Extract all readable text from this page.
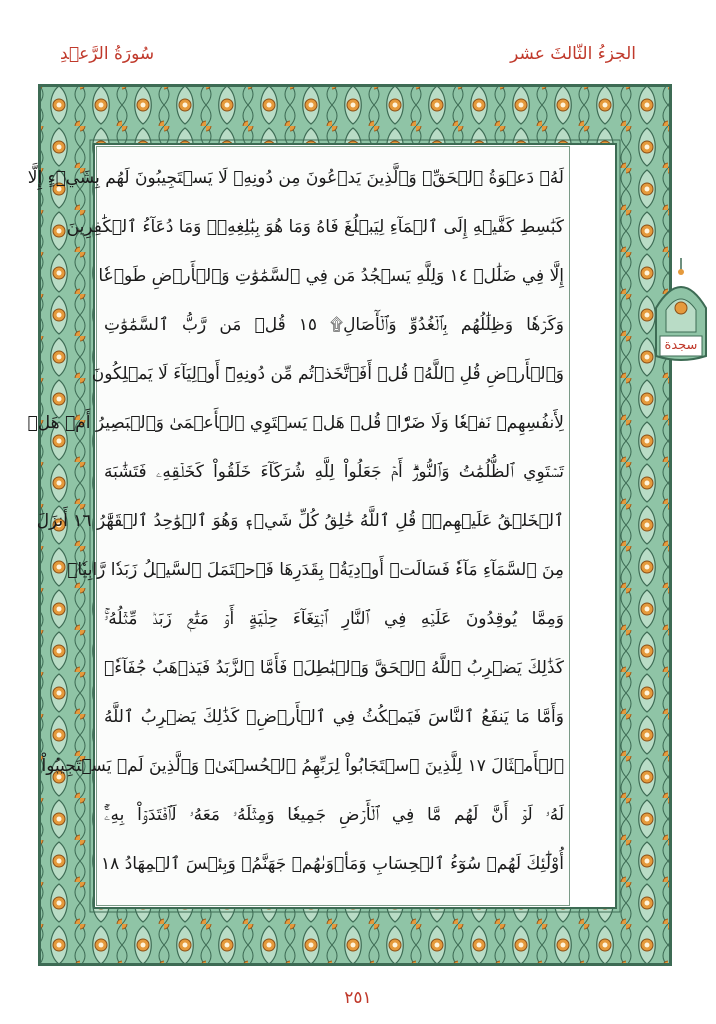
الجزءُ الثّالثَ عشر
سُورَةُ الرَّعۡدِ
لَهُۥ دَعۡوَةُ ٱلۡحَقِّۚ وَٱلَّذِينَ يَدۡعُونَ مِن دُونِهِۦ لَا يَسۡتَجِيبُونَ لَهُم بِشَيۡءٍ إِلَّا
كَبَٰسِطِ كَفَّيۡهِ إِلَى ٱلۡمَآءِ لِيَبۡلُغَ فَاهُ وَمَا هُوَ بِبَٰلِغِهِۦۚ وَمَا دُعَآءُ ٱلۡكَٰفِرِينَ
إِلَّا فِي ضَلَٰلٖ ١٤ وَلِلَّهِ يَسۡجُدُ مَن فِي ٱلسَّمَٰوَٰتِ وَٱلۡأَرۡضِ طَوۡعٗا
وَكَرۡهٗا وَظِلَٰلُهُم بِٱلۡغُدُوِّ وَٱلۡأٓصَالِ۩ ١٥ قُلۡ مَن رَّبُّ ٱلسَّمَٰوَٰتِ
وَٱلۡأَرۡضِ قُلِ ٱللَّهُۚ قُلۡ أَفَٱتَّخَذۡتُم مِّن دُونِهِۦٓ أَوۡلِيَآءَ لَا يَمۡلِكُونَ
لِأَنفُسِهِمۡ نَفۡعٗا وَلَا ضَرّٗاۚ قُلۡ هَلۡ يَسۡتَوِي ٱلۡأَعۡمَىٰ وَٱلۡبَصِيرُ أَمۡ هَلۡ
تَسۡتَوِي ٱلظُّلُمَٰتُ وَٱلنُّورُۗ أَمۡ جَعَلُواْ لِلَّهِ شُرَكَآءَ خَلَقُواْ كَخَلۡقِهِۦ فَتَشَٰبَهَ
ٱلۡخَلۡقُ عَلَيۡهِمۡۚ قُلِ ٱللَّهُ خَٰلِقُ كُلِّ شَيۡءٖ وَهُوَ ٱلۡوَٰحِدُ ٱلۡقَهَّٰرُ ١٦ أَنزَلَ
مِنَ ٱلسَّمَآءِ مَآءٗ فَسَالَتۡ أَوۡدِيَةُۢ بِقَدَرِهَا فَٱحۡتَمَلَ ٱلسَّيۡلُ زَبَدٗا رَّابِيٗاۖ
وَمِمَّا يُوقِدُونَ عَلَيۡهِ فِي ٱلنَّارِ ٱبۡتِغَآءَ حِلۡيَةٍ أَوۡ مَتَٰعٖ زَبَدٞ مِّثۡلُهُۥۚ
كَذَٰلِكَ يَضۡرِبُ ٱللَّهُ ٱلۡحَقَّ وَٱلۡبَٰطِلَۚ فَأَمَّا ٱلزَّبَدُ فَيَذۡهَبُ جُفَآءٗۖ
وَأَمَّا مَا يَنفَعُ ٱلنَّاسَ فَيَمۡكُثُ فِي ٱلۡأَرۡضِۚ كَذَٰلِكَ يَضۡرِبُ ٱللَّهُ
ٱلۡأَمۡثَالَ ١٧ لِلَّذِينَ ٱسۡتَجَابُواْ لِرَبِّهِمُ ٱلۡحُسۡنَىٰۚ وَٱلَّذِينَ لَمۡ يَسۡتَجِيبُواْ
لَهُۥ لَوۡ أَنَّ لَهُم مَّا فِي ٱلۡأَرۡضِ جَمِيعٗا وَمِثۡلَهُۥ مَعَهُۥ لَٱفۡتَدَوۡاْ بِهِۦٓۚ
أُوْلَٰٓئِكَ لَهُمۡ سُوٓءُ ٱلۡحِسَابِ وَمَأۡوَىٰهُمۡ جَهَنَّمُۖ وَبِئۡسَ ٱلۡمِهَادُ ١٨
سجدة
٢٥١
